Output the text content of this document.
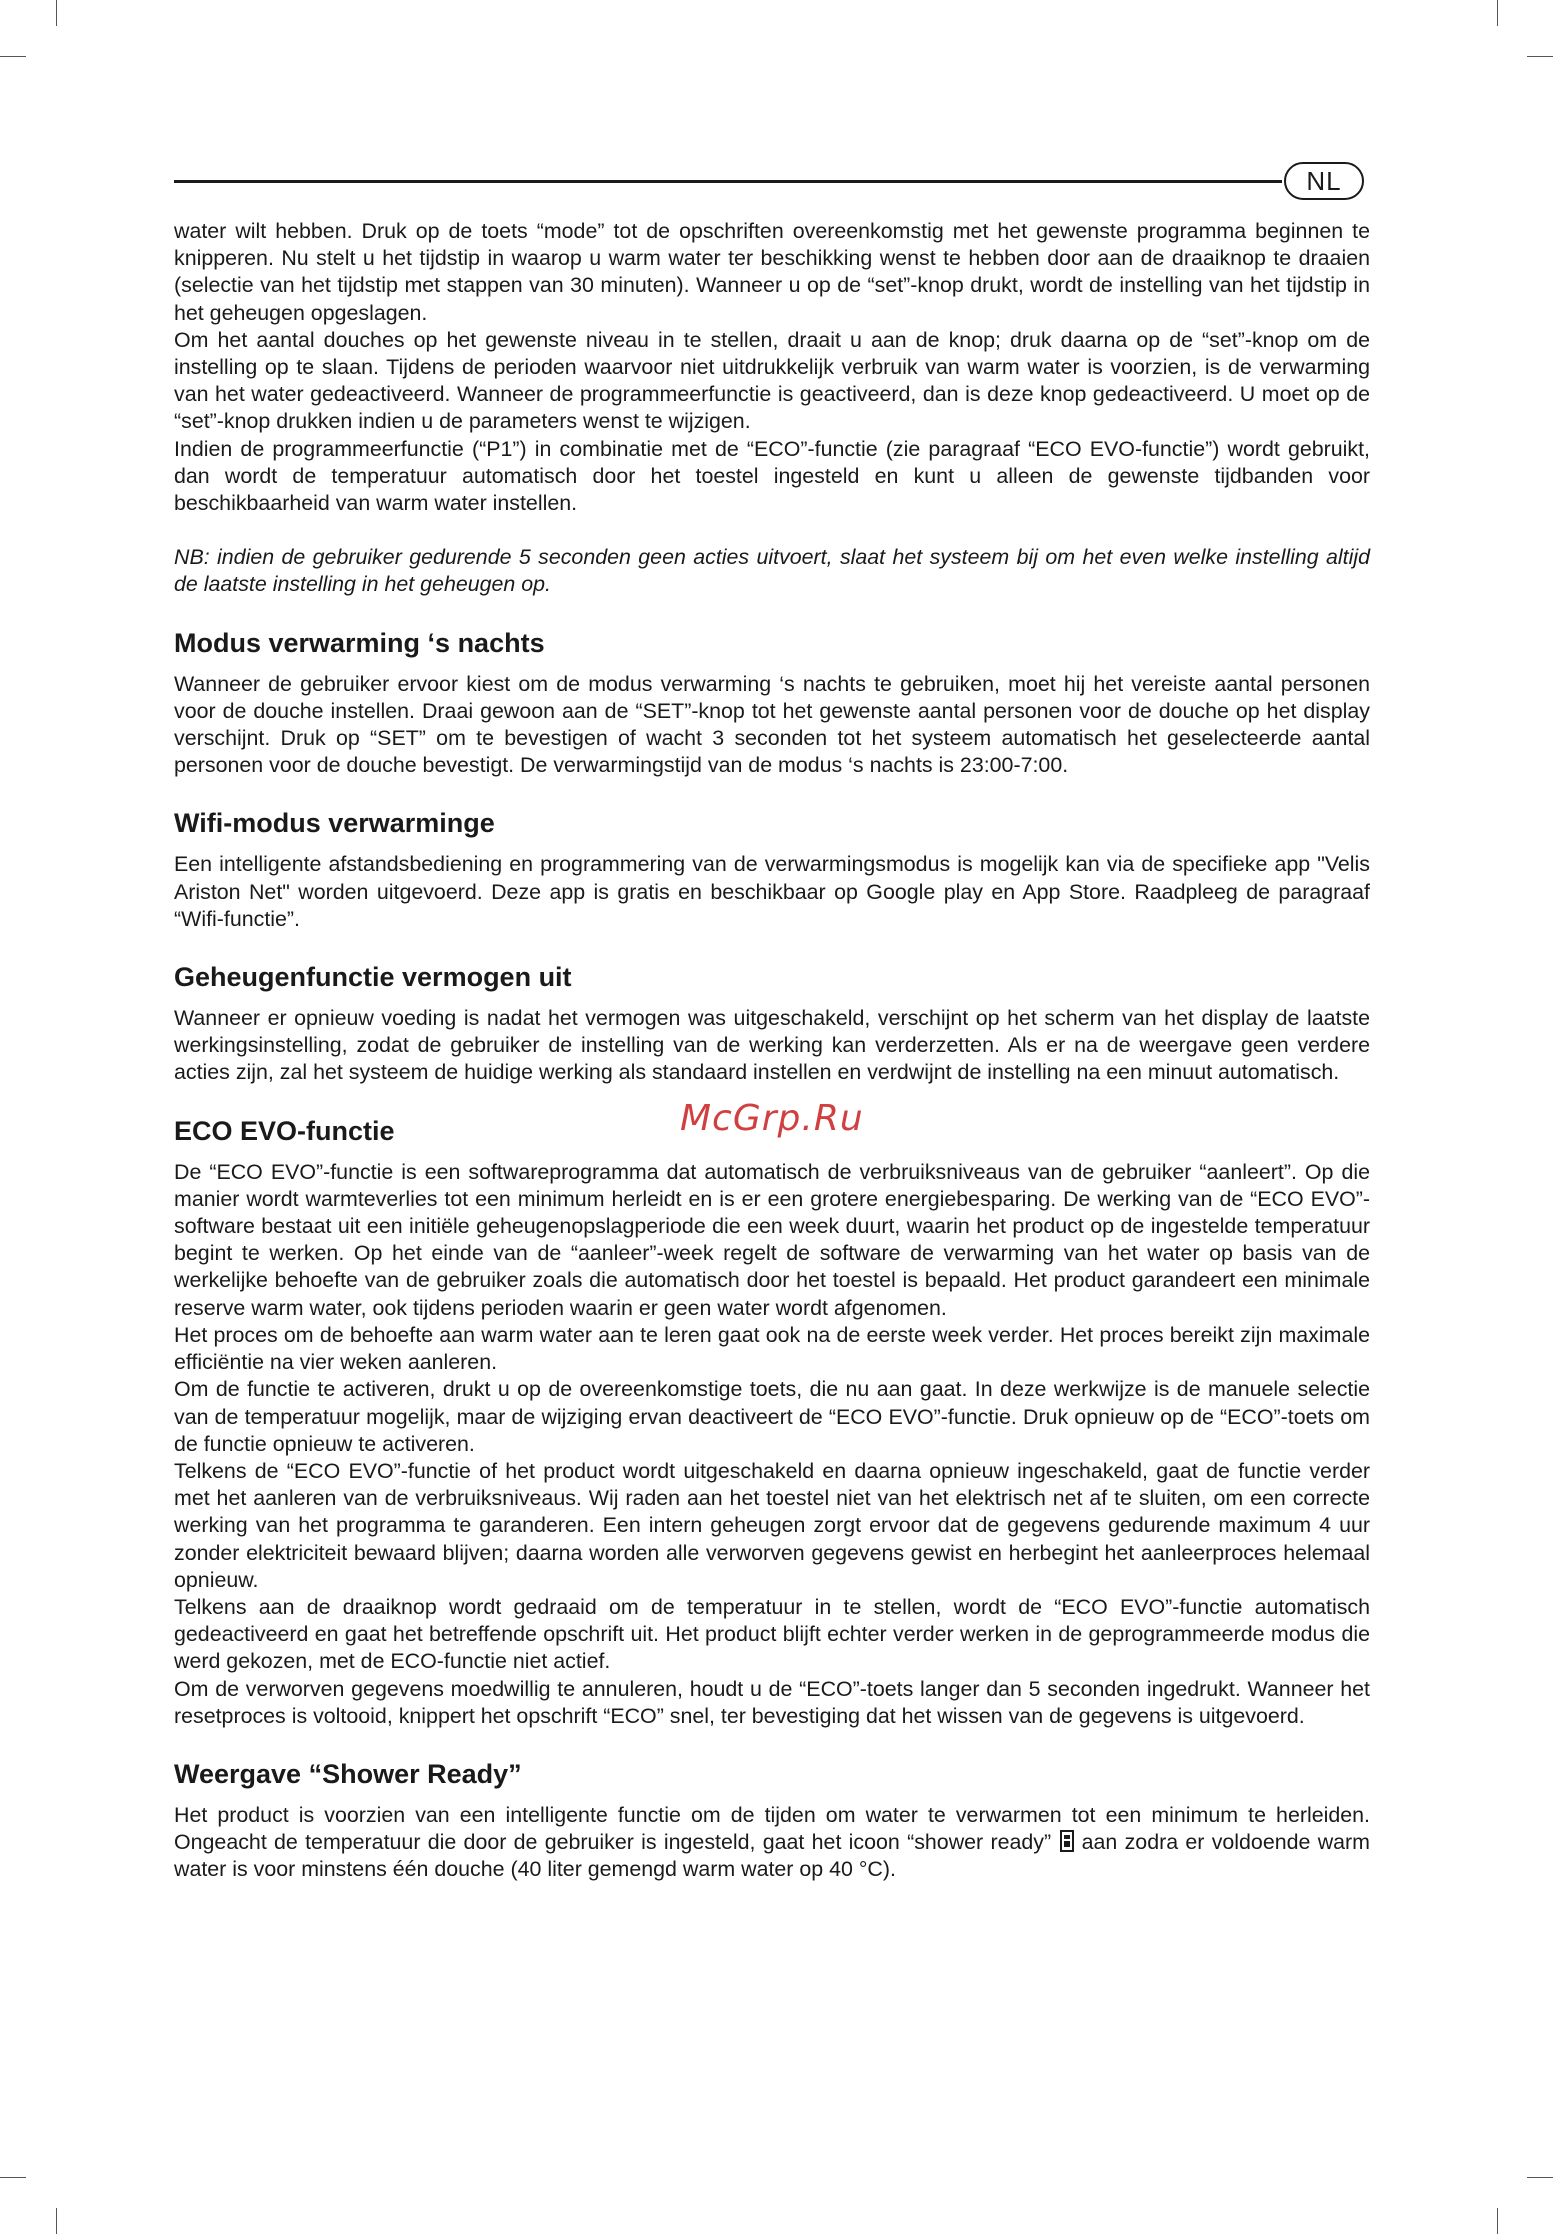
NL

water wilt hebben. Druk op de toets “mode” tot de opschriften overeenkomstig met het gewenste programma beginnen te knipperen. Nu stelt u het tijdstip in waarop u warm water ter beschikking wenst te hebben door aan de draaiknop te draaien (selectie van het tijdstip met stappen van 30 minuten). Wanneer u op de “set”-knop drukt, wordt de instelling van het tijdstip in het geheugen opgeslagen.

Om het aantal douches op het gewenste niveau in te stellen, draait u aan de knop; druk daarna op de “set”-knop om de instelling op te slaan. Tijdens de perioden waarvoor niet uitdrukkelijk verbruik van warm water is voorzien, is de verwarming van het water gedeactiveerd. Wanneer de programmeerfunctie is geactiveerd, dan is deze knop gedeactiveerd. U moet op de “set”-knop drukken indien u de parameters wenst te wijzigen.

Indien de programmeerfunctie (“P1”) in combinatie met de “ECO”-functie (zie paragraaf “ECO EVO-functie”) wordt gebruikt, dan wordt de temperatuur automatisch door het toestel ingesteld en kunt u alleen de gewenste tijdbanden voor beschikbaarheid van warm water instellen.

NB: indien de gebruiker gedurende 5 seconden geen acties uitvoert, slaat het systeem bij om het even welke instelling altijd de laatste instelling in het geheugen op.

Modus verwarming ‘s nachts

Wanneer de gebruiker ervoor kiest om de modus verwarming ‘s nachts te gebruiken, moet hij het vereiste aantal personen voor de douche instellen. Draai gewoon aan de “SET”-knop tot het gewenste aantal personen voor de douche op het display verschijnt. Druk op “SET” om te bevestigen of wacht 3 seconden tot het systeem automatisch het geselecteerde aantal personen voor de douche bevestigt. De verwarmingstijd van de modus ‘s nachts is 23:00-7:00.

Wifi-modus verwarminge

Een intelligente afstandsbediening en programmering van de verwarmingsmodus is mogelijk kan via de specifieke app "Velis Ariston Net" worden uitgevoerd. Deze app is gratis en beschikbaar op Google play en App Store. Raadpleeg de paragraaf “Wifi-functie”.

Geheugenfunctie vermogen uit

Wanneer er opnieuw voeding is nadat het vermogen was uitgeschakeld, verschijnt op het scherm van het display de laatste werkingsinstelling, zodat de gebruiker de instelling van de werking kan verderzetten. Als er na de weergave geen verdere acties zijn, zal het systeem de huidige werking als standaard instellen en verdwijnt de instelling na een minuut automatisch.

ECO EVO-functie

De “ECO EVO”-functie is een softwareprogramma dat automatisch de verbruiksniveaus van de gebruiker “aanleert”. Op die manier wordt warmteverlies tot een minimum herleidt en is er een grotere energiebesparing. De werking van de “ECO EVO”-software bestaat uit een initiële geheugenopslagperiode die een week duurt, waarin het product op de ingestelde temperatuur begint te werken. Op het einde van de “aanleer”-week regelt de software de verwarming van het water op basis van de werkelijke behoefte van de gebruiker zoals die automatisch door het toestel is bepaald. Het product garandeert een minimale reserve warm water, ook tijdens perioden waarin er geen water wordt afgenomen.

Het proces om de behoefte aan warm water aan te leren gaat ook na de eerste week verder. Het proces bereikt zijn maximale efficiëntie na vier weken aanleren.

Om de functie te activeren, drukt u op de overeenkomstige toets, die nu aan gaat. In deze werkwijze is de manuele selectie van de temperatuur mogelijk, maar de wijziging ervan deactiveert de “ECO EVO”-functie. Druk opnieuw op de “ECO”-toets om de functie opnieuw te activeren.

Telkens de “ECO EVO”-functie of het product wordt uitgeschakeld en daarna opnieuw ingeschakeld, gaat de functie verder met het aanleren van de verbruiksniveaus. Wij raden aan het toestel niet van het elektrisch net af te sluiten, om een correcte werking van het programma te garanderen. Een intern geheugen zorgt ervoor dat de gegevens gedurende maximum 4 uur zonder elektriciteit bewaard blijven; daarna worden alle verworven gegevens gewist en herbegint het aanleerproces helemaal opnieuw.

Telkens aan de draaiknop wordt gedraaid om de temperatuur in te stellen, wordt de “ECO EVO”-functie automatisch gedeactiveerd en gaat het betreffende opschrift uit. Het product blijft echter verder werken in de geprogrammeerde modus die werd gekozen, met de ECO-functie niet actief.

Om de verworven gegevens moedwillig te annuleren, houdt u de “ECO”-toets langer dan 5 seconden ingedrukt. Wanneer het resetproces is voltooid, knippert het opschrift “ECO” snel, ter bevestiging dat het wissen van de gegevens is uitgevoerd.

Weergave “Shower Ready”

Het product is voorzien van een intelligente functie om de tijden om water te verwarmen tot een minimum te herleiden. Ongeacht de temperatuur die door de gebruiker is ingesteld, gaat het icoon “shower ready”  aan zodra er voldoende warm water is voor minstens één douche (40 liter gemengd warm water op 40 °C).

McGrp.Ru
